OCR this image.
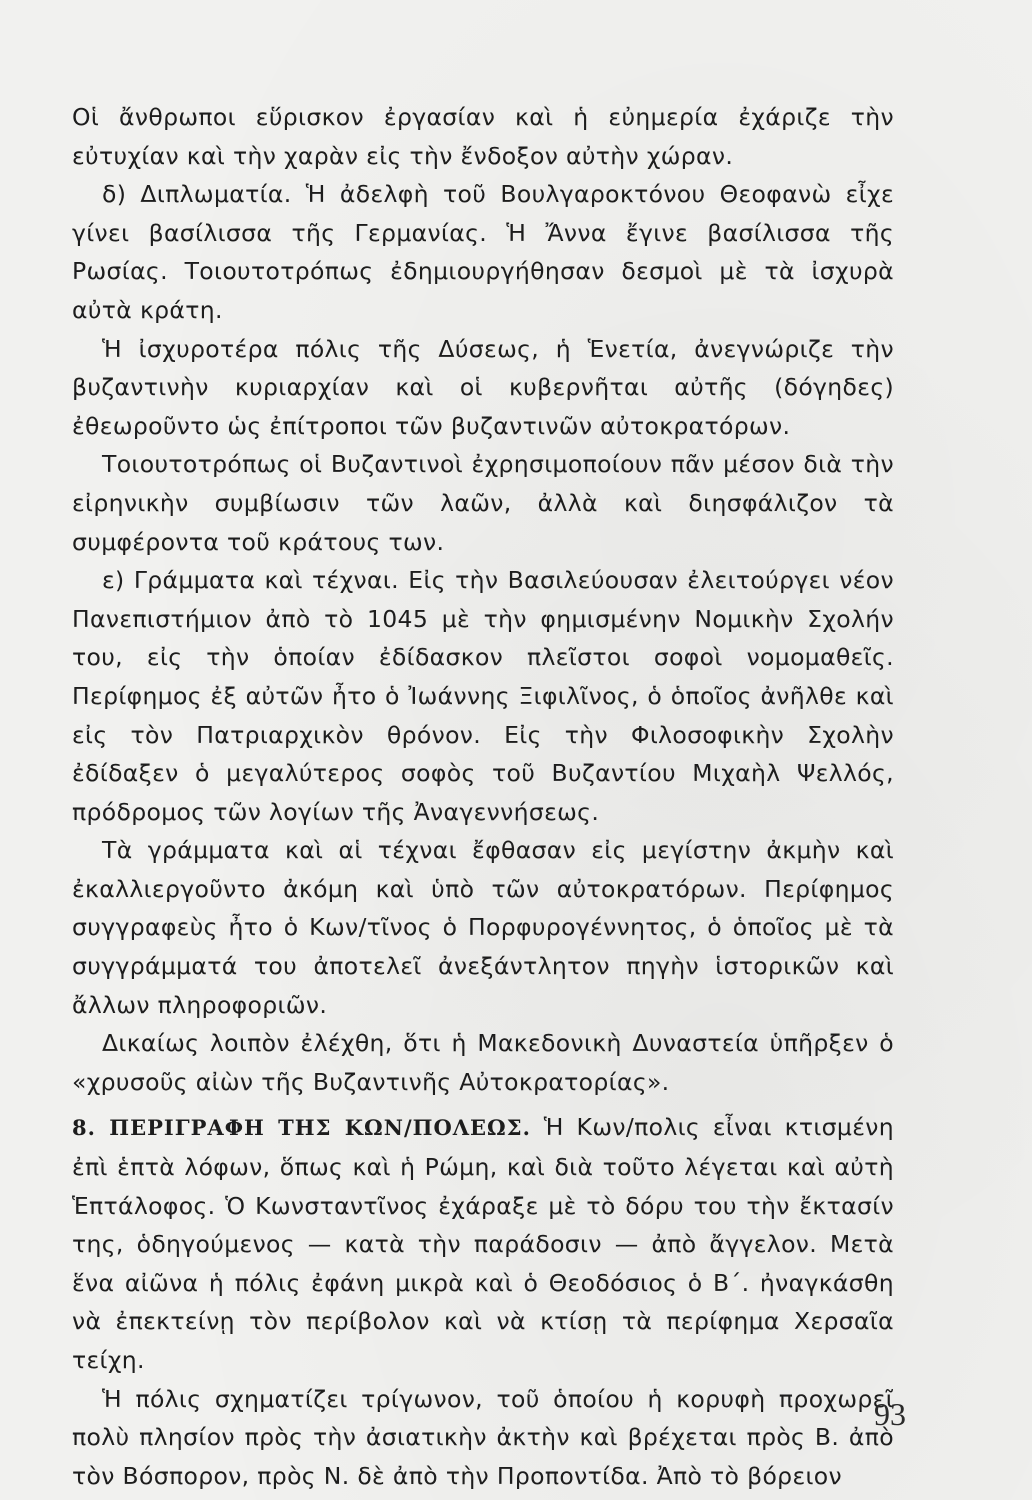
Οἱ ἄνθρωποι εὕρισκον ἐργασίαν καὶ ἡ εὐημερία ἐχάριζε τὴν εὐτυχίαν καὶ τὴν χαρὰν εἰς τὴν ἔνδοξον αὐτὴν χώραν.

δ) Διπλωματία. Ἡ ἀδελφὴ τοῦ Βουλγαροκτόνου Θεοφανὼ εἶχε γίνει βασίλισσα τῆς Γερμανίας. Ἡ Ἄννα ἔγινε βασίλισσα τῆς Ρωσίας. Τοιουτοτρόπως ἐδημιουργήθησαν δεσμοὶ μὲ τὰ ἰσχυρὰ αὐτὰ κράτη.

Ἡ ἰσχυροτέρα πόλις τῆς Δύσεως, ἡ Ἑνετία, ἀνεγνώριζε τὴν βυζαντινὴν κυριαρχίαν καὶ οἱ κυβερνῆται αὐτῆς (δόγηδες) ἐθεωροῦντο ὡς ἐπίτροποι τῶν βυζαντινῶν αὐτοκρατόρων.

Τοιουτοτρόπως οἱ Βυζαντινοὶ ἐχρησιμοποίουν πᾶν μέσον διὰ τὴν εἰρηνικὴν συμβίωσιν τῶν λαῶν, ἀλλὰ καὶ διησφάλιζον τὰ συμφέροντα τοῦ κράτους των.

ε) Γράμματα καὶ τέχναι. Εἰς τὴν Βασιλεύουσαν ἐλειτούργει νέον Πανεπιστήμιον ἀπὸ τὸ 1045 μὲ τὴν φημισμένην Νομικὴν Σχολήν του, εἰς τὴν ὁποίαν ἐδίδασκον πλεῖστοι σοφοὶ νομομαθεῖς. Περίφημος ἐξ αὐτῶν ἦτο ὁ Ἰωάννης Ξιφιλῖνος, ὁ ὁποῖος ἀνῆλθε καὶ εἰς τὸν Πατριαρχικὸν θρόνον. Εἰς τὴν Φιλοσοφικὴν Σχολὴν ἐδίδαξεν ὁ μεγαλύτερος σοφὸς τοῦ Βυζαντίου Μιχαὴλ Ψελλός, πρόδρομος τῶν λογίων τῆς Ἀναγεννήσεως.

Τὰ γράμματα καὶ αἱ τέχναι ἔφθασαν εἰς μεγίστην ἀκμὴν καὶ ἐκαλλιεργοῦντο ἀκόμη καὶ ὑπὸ τῶν αὐτοκρατόρων. Περίφημος συγγραφεὺς ἦτο ὁ Κων/τῖνος ὁ Πορφυρογέννητος, ὁ ὁποῖος μὲ τὰ συγγράμματά του ἀποτελεῖ ἀνεξάντλητον πηγὴν ἱστορικῶν καὶ ἄλλων πληροφοριῶν.

Δικαίως λοιπὸν ἐλέχθη, ὅτι ἡ Μακεδονικὴ Δυναστεία ὑπῆρξεν ὁ «χρυσοῦς αἰὼν τῆς Βυζαντινῆς Αὐτοκρατορίας».

8. ΠΕΡΙΓΡΑΦΗ ΤΗΣ ΚΩΝ/ΠΟΛΕΩΣ. Ἡ Κων/πολις εἶναι κτισμένη ἐπὶ ἑπτὰ λόφων, ὅπως καὶ ἡ Ρώμη, καὶ διὰ τοῦτο λέγεται καὶ αὐτὴ Ἑπτάλοφος. Ὁ Κωνσταντῖνος ἐχάραξε μὲ τὸ δόρυ του τὴν ἔκτασίν της, ὁδηγούμενος — κατὰ τὴν παράδοσιν — ἀπὸ ἄγγελον. Μετὰ ἕνα αἰῶνα ἡ πόλις ἐφάνη μικρὰ καὶ ὁ Θεοδόσιος ὁ Β΄. ἠναγκάσθη νὰ ἐπεκτείνῃ τὸν περίβολον καὶ νὰ κτίσῃ τὰ περίφημα Χερσαῖα τείχη.

Ἡ πόλις σχηματίζει τρίγωνον, τοῦ ὁποίου ἡ κορυφὴ προχωρεῖ πολὺ πλησίον πρὸς τὴν ἀσιατικὴν ἀκτὴν καὶ βρέχεται πρὸς Β. ἀπὸ τὸν Βόσπορον, πρὸς Ν. δὲ ἀπὸ τὴν Προποντίδα. Ἀπὸ τὸ βόρειον

93
